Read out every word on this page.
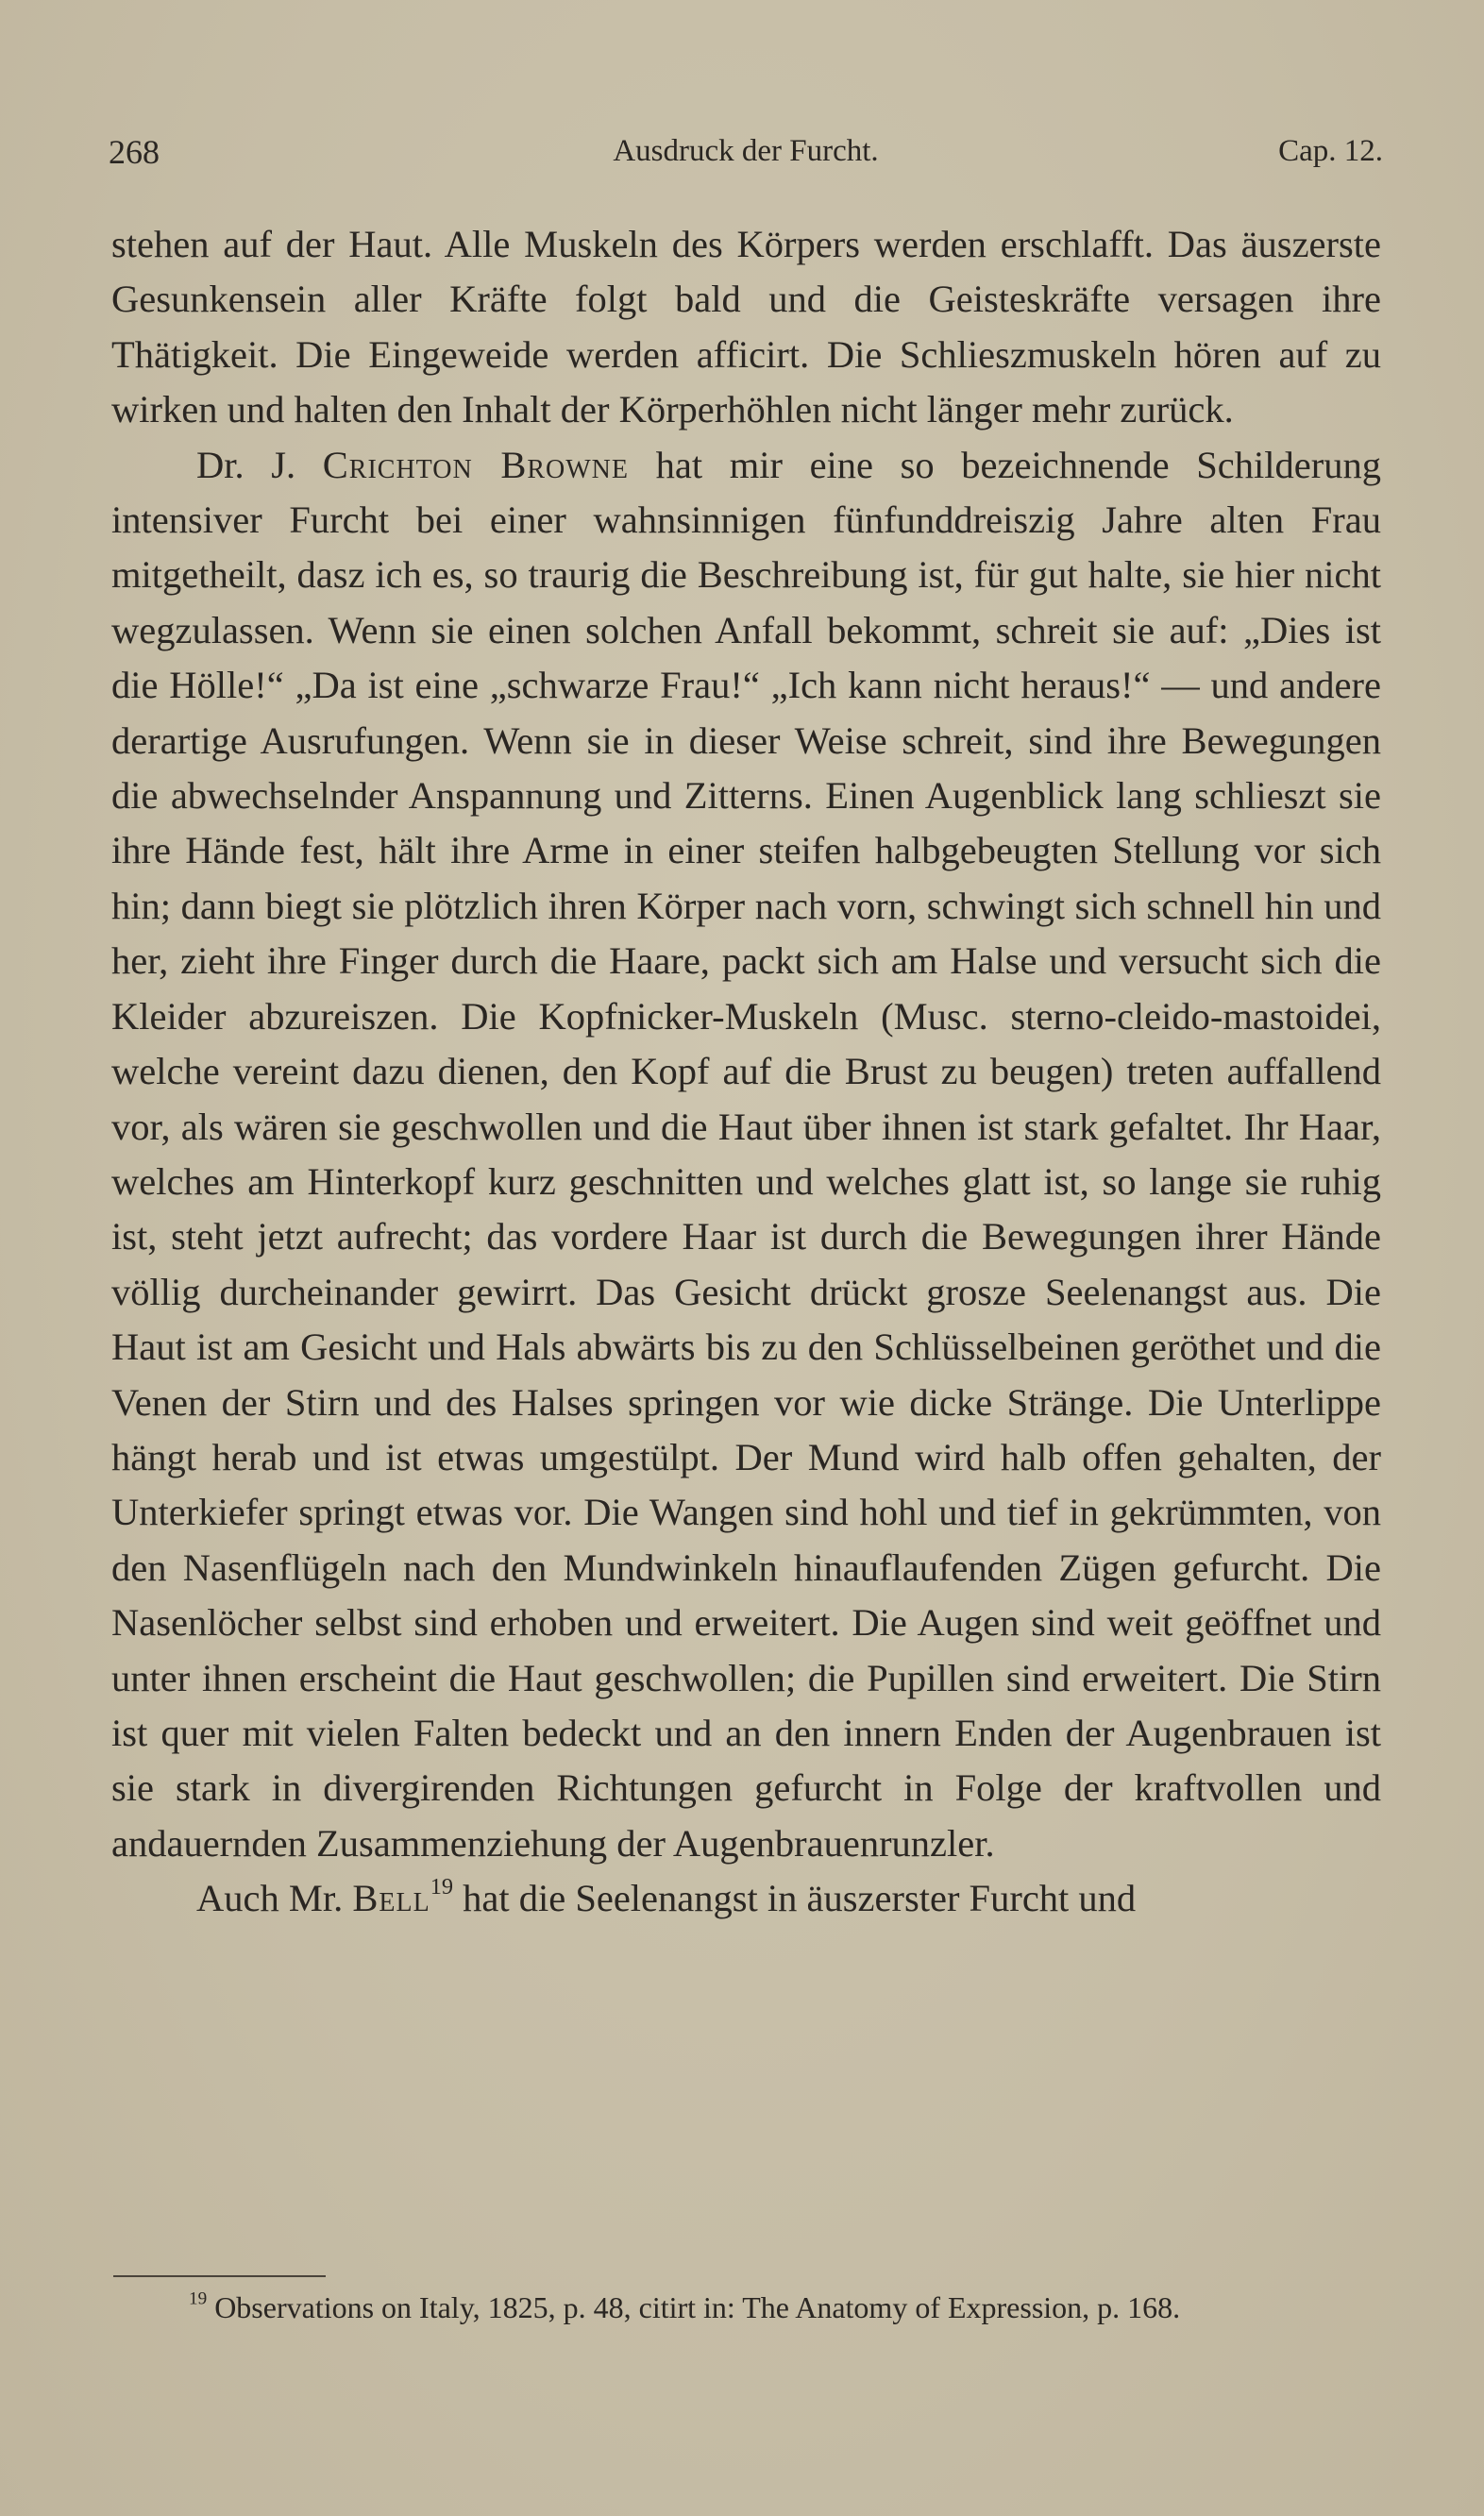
268	Ausdruck der Furcht.	Cap. 12.

stehen auf der Haut. Alle Muskeln des Körpers werden erschlafft. Das äuszerste Gesunkensein aller Kräfte folgt bald und die Geisteskräfte versagen ihre Thätigkeit. Die Eingeweide werden afficirt. Die Schlieszmuskeln hören auf zu wirken und halten den Inhalt der Körperhöhlen nicht länger mehr zurück.

Dr. J. Crichton Browne hat mir eine so bezeichnende Schilderung intensiver Furcht bei einer wahnsinnigen fünfunddreiszig Jahre alten Frau mitgetheilt, dasz ich es, so traurig die Beschreibung ist, für gut halte, sie hier nicht wegzulassen. Wenn sie einen solchen Anfall bekommt, schreit sie auf: „Dies ist die Hölle!“ „Da ist eine „schwarze Frau!“ „Ich kann nicht heraus!“ — und andere derartige Ausrufungen. Wenn sie in dieser Weise schreit, sind ihre Bewegungen die abwechselnder Anspannung und Zitterns. Einen Augenblick lang schlieszt sie ihre Hände fest, hält ihre Arme in einer steifen halbgebeugten Stellung vor sich hin; dann biegt sie plötzlich ihren Körper nach vorn, schwingt sich schnell hin und her, zieht ihre Finger durch die Haare, packt sich am Halse und versucht sich die Kleider abzureiszen. Die Kopfnicker-Muskeln (Musc. sterno-cleido-mastoidei, welche vereint dazu dienen, den Kopf auf die Brust zu beugen) treten auffallend vor, als wären sie geschwollen und die Haut über ihnen ist stark gefaltet. Ihr Haar, welches am Hinterkopf kurz geschnitten und welches glatt ist, so lange sie ruhig ist, steht jetzt aufrecht; das vordere Haar ist durch die Bewegungen ihrer Hände völlig durcheinander gewirrt. Das Gesicht drückt grosze Seelenangst aus. Die Haut ist am Gesicht und Hals abwärts bis zu den Schlüsselbeinen geröthet und die Venen der Stirn und des Halses springen vor wie dicke Stränge. Die Unterlippe hängt herab und ist etwas umgestülpt. Der Mund wird halb offen gehalten, der Unterkiefer springt etwas vor. Die Wangen sind hohl und tief in gekrümmten, von den Nasenflügeln nach den Mundwinkeln hinauflaufenden Zügen gefurcht. Die Nasenlöcher selbst sind erhoben und erweitert. Die Augen sind weit geöffnet und unter ihnen erscheint die Haut geschwollen; die Pupillen sind erweitert. Die Stirn ist quer mit vielen Falten bedeckt und an den innern Enden der Augenbrauen ist sie stark in divergirenden Richtungen gefurcht in Folge der kraftvollen und andauernden Zusammenziehung der Augenbrauenrunzler.

Auch Mr. Bell$^{19}$ hat die Seelenangst in äuszerster Furcht und

$^{19}$ Observations on Italy, 1825, p. 48, citirt in: The Anatomy of Expression, p. 168.
